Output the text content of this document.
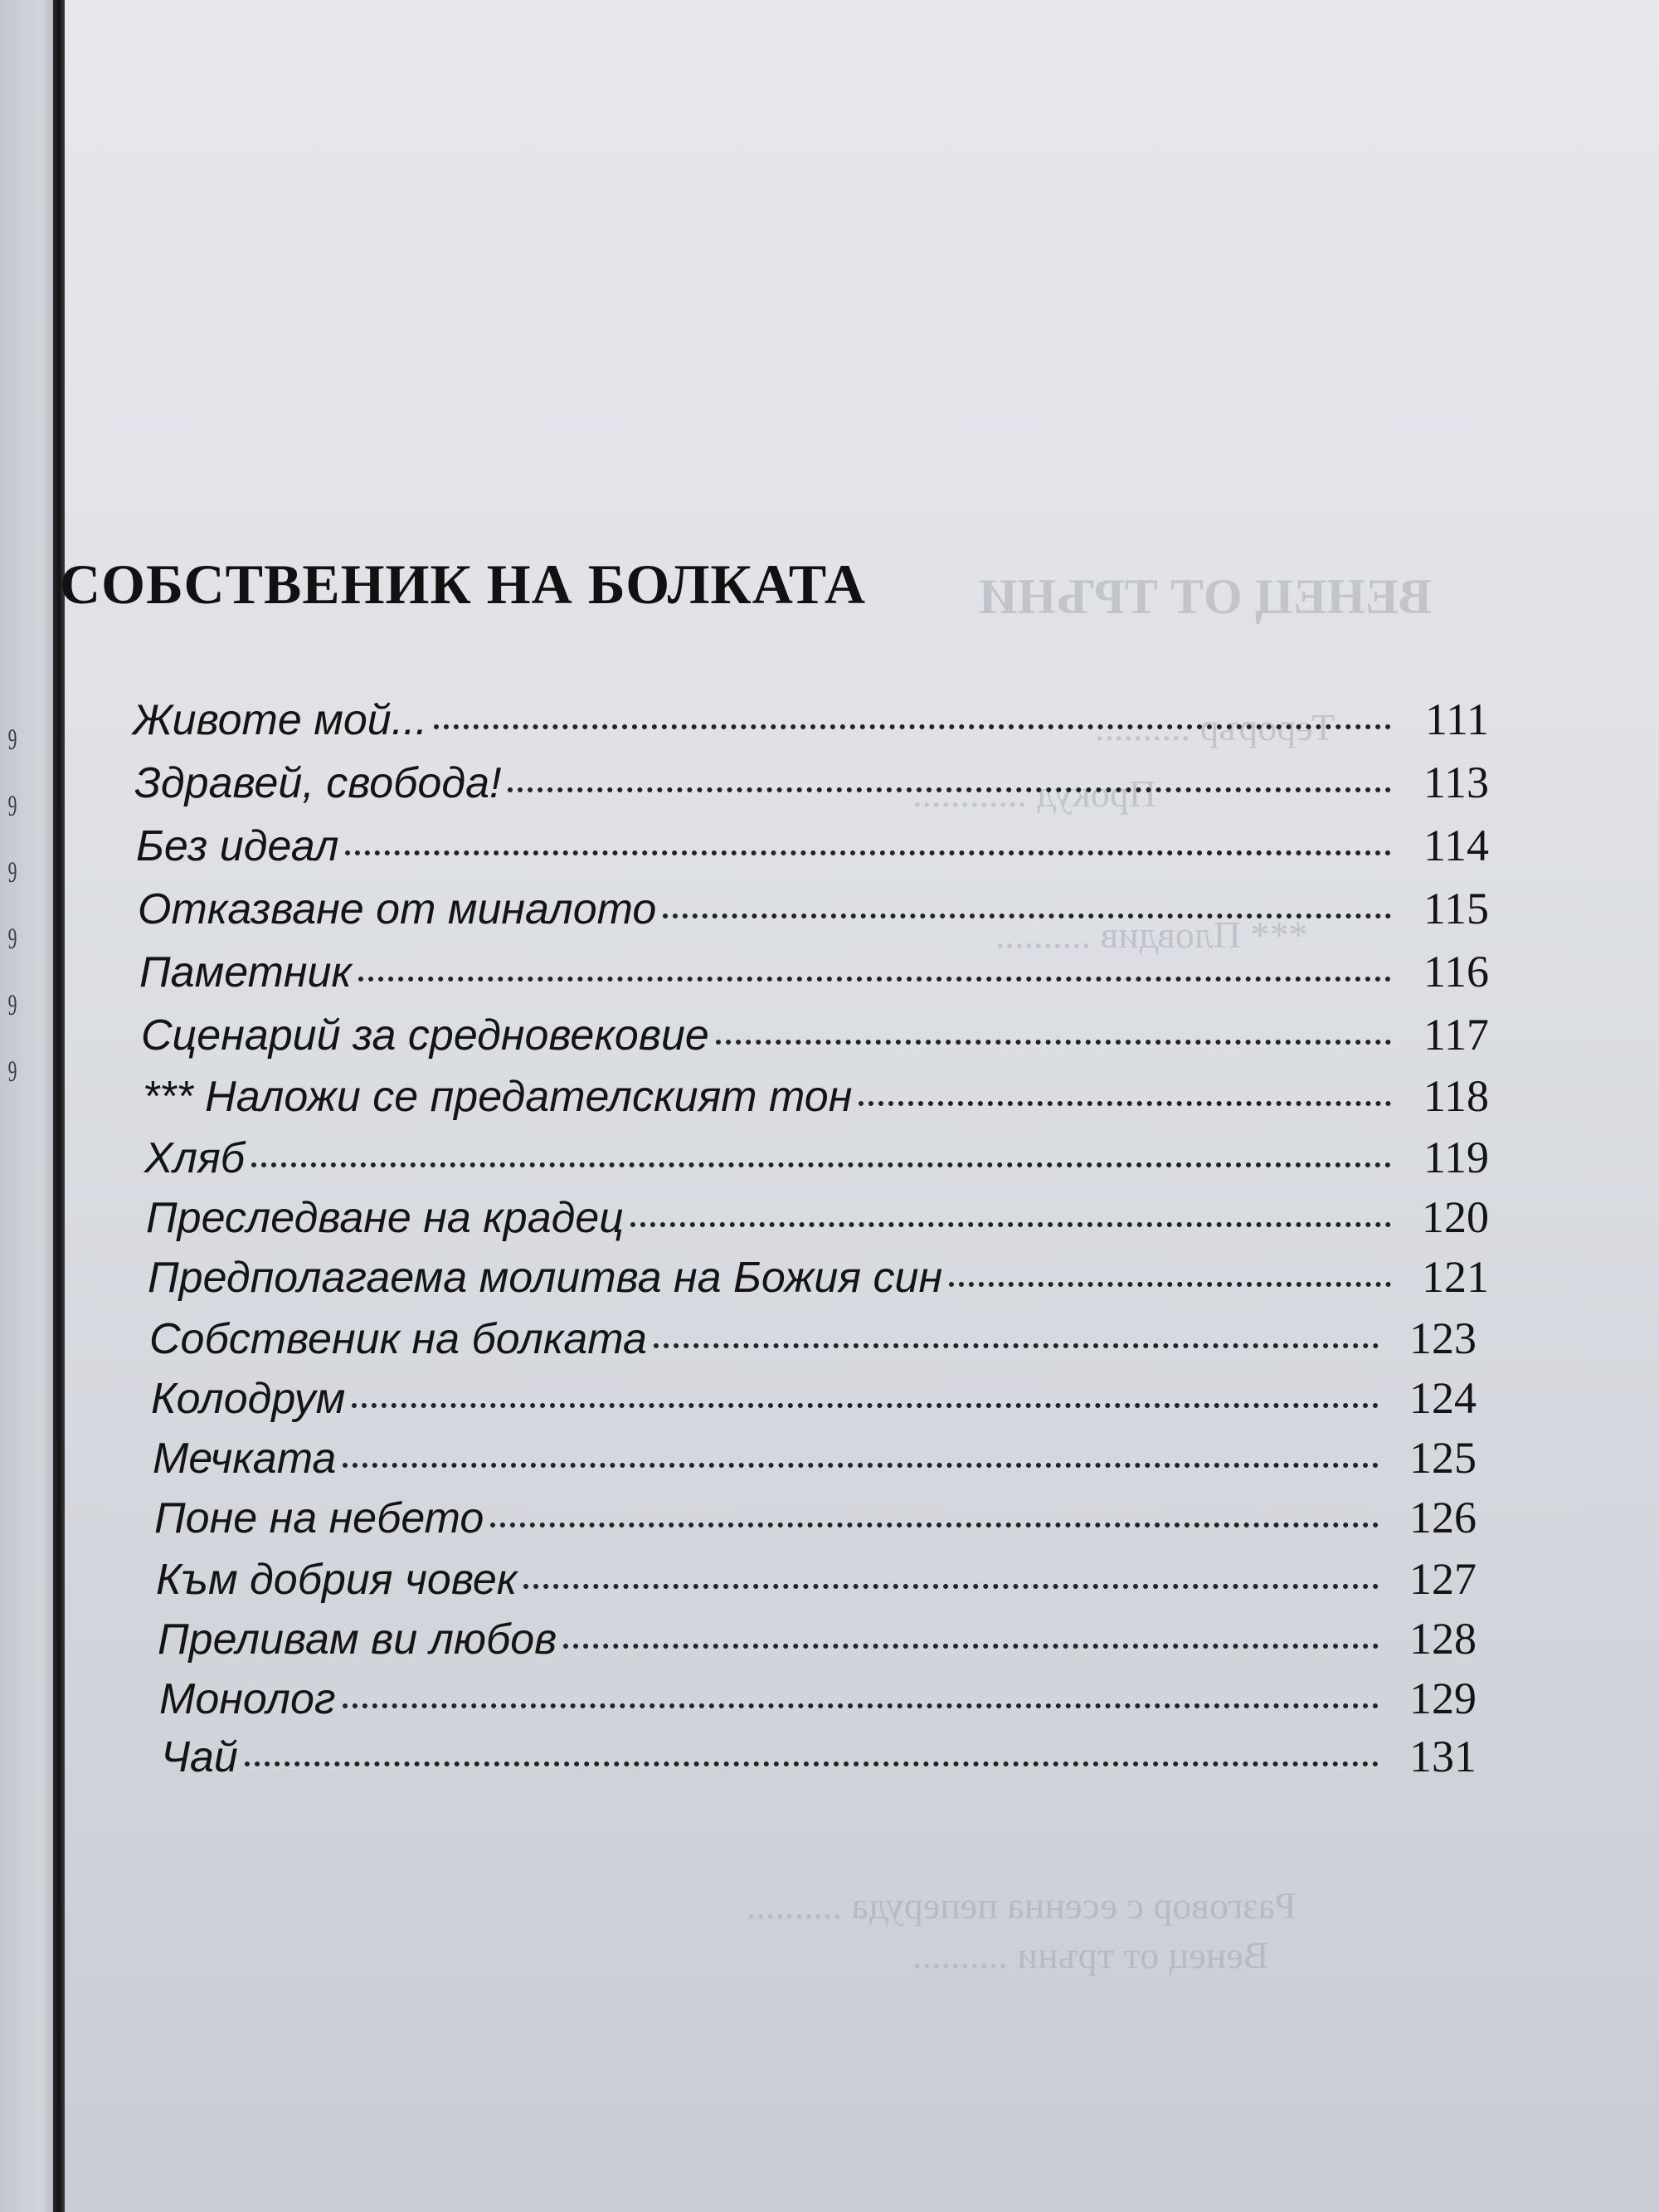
9
9
9
9
9
9
ВЕНЕЦ ОТ ТРЪНИ
Терорър ..........
Прокуд ............
*** Пловдив ..........
Разговор с есенна пеперуда ..........
Венец от тръни ..........
СОБСТВЕНИК НА БОЛКАТА
Животе мой...	111
Здравей, свобода!	113
Без идеал	114
Отказване от миналото	115
Паметник	116
Сценарий за средновековие	117
*** Наложи се предателският тон	118
Хляб	119
Преследване на крадец	120
Предполагаема молитва на Божия син	121
Собственик на болката	123
Колодрум	124
Мечката	125
Поне на небето	126
Към добрия човек	127
Преливам ви любов	128
Монолог	129
Чай	131
